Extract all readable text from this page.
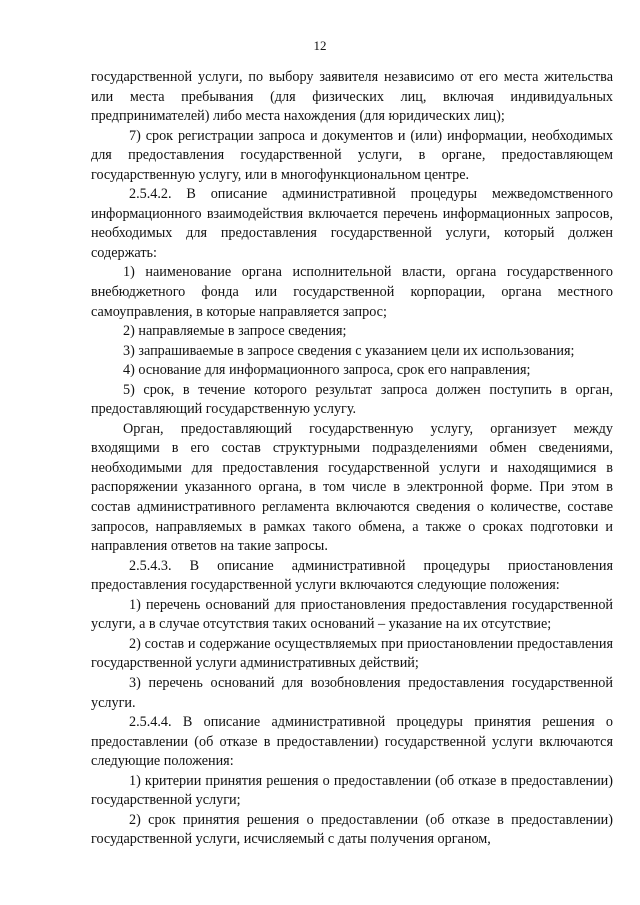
12

государственной услуги, по выбору заявителя независимо от его места жительства или места пребывания (для физических лиц, включая индивидуальных предпринимателей) либо места нахождения (для юридических лиц);

7) срок регистрации запроса и документов и (или) информации, необходимых для предоставления государственной услуги, в органе, предоставляющем государственную услугу, или в многофункциональном центре.

2.5.4.2. В описание административной процедуры межведомственного информационного взаимодействия включается перечень информационных запросов, необходимых для предоставления государственной услуги, который должен содержать:

1) наименование органа исполнительной власти, органа государственного внебюджетного фонда или государственной корпорации, органа местного самоуправления, в которые направляется запрос;

2) направляемые в запросе сведения;

3) запрашиваемые в запросе сведения с указанием цели их использования;

4) основание для информационного запроса, срок его направления;

5) срок, в течение которого результат запроса должен поступить в орган, предоставляющий государственную услугу.

Орган, предоставляющий государственную услугу, организует между входящими в его состав структурными подразделениями обмен сведениями, необходимыми для предоставления государственной услуги и находящимися в распоряжении указанного органа, в том числе в электронной форме. При этом в состав административного регламента включаются сведения о количестве, составе запросов, направляемых в рамках такого обмена, а также о сроках подготовки и направления ответов на такие запросы.

2.5.4.3. В описание административной процедуры приостановления предоставления государственной услуги включаются следующие положения:

1) перечень оснований для приостановления предоставления государственной услуги, а в случае отсутствия таких оснований – указание на их отсутствие;

2) состав и содержание осуществляемых при приостановлении предоставления государственной услуги административных действий;

3) перечень оснований для возобновления предоставления государственной услуги.

2.5.4.4. В описание административной процедуры принятия решения о предоставлении (об отказе в предоставлении) государственной услуги включаются следующие положения:

1) критерии принятия решения о предоставлении (об отказе в предоставлении) государственной услуги;

2) срок принятия решения о предоставлении (об отказе в предоставлении) государственной услуги, исчисляемый с даты получения органом,
